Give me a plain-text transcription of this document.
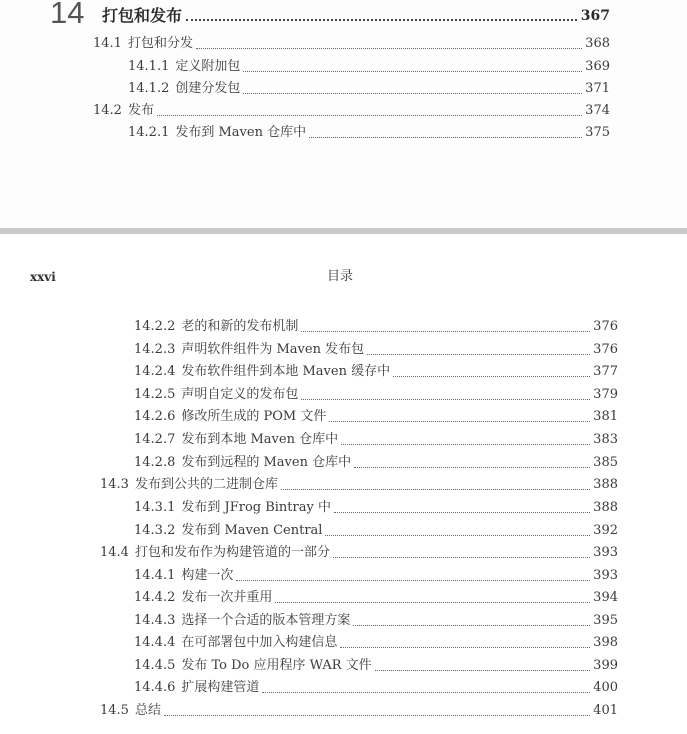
14	打包和发布	367
14.1 打包和分发	368
14.1.1 定义附加包	369
14.1.2 创建分发包	371
14.2 发布	374
14.2.1 发布到 Maven 仓库中	375
xxvi	目录
14.2.2 老的和新的发布机制	376
14.2.3 声明软件组件为 Maven 发布包	376
14.2.4 发布软件组件到本地 Maven 缓存中	377
14.2.5 声明自定义的发布包	379
14.2.6 修改所生成的 POM 文件	381
14.2.7 发布到本地 Maven 仓库中	383
14.2.8 发布到远程的 Maven 仓库中	385
14.3 发布到公共的二进制仓库	388
14.3.1 发布到 JFrog Bintray 中	388
14.3.2 发布到 Maven Central	392
14.4 打包和发布作为构建管道的一部分	393
14.4.1 构建一次	393
14.4.2 发布一次并重用	394
14.4.3 选择一个合适的版本管理方案	395
14.4.4 在可部署包中加入构建信息	398
14.4.5 发布 To Do 应用程序 WAR 文件	399
14.4.6 扩展构建管道	400
14.5 总结	401
